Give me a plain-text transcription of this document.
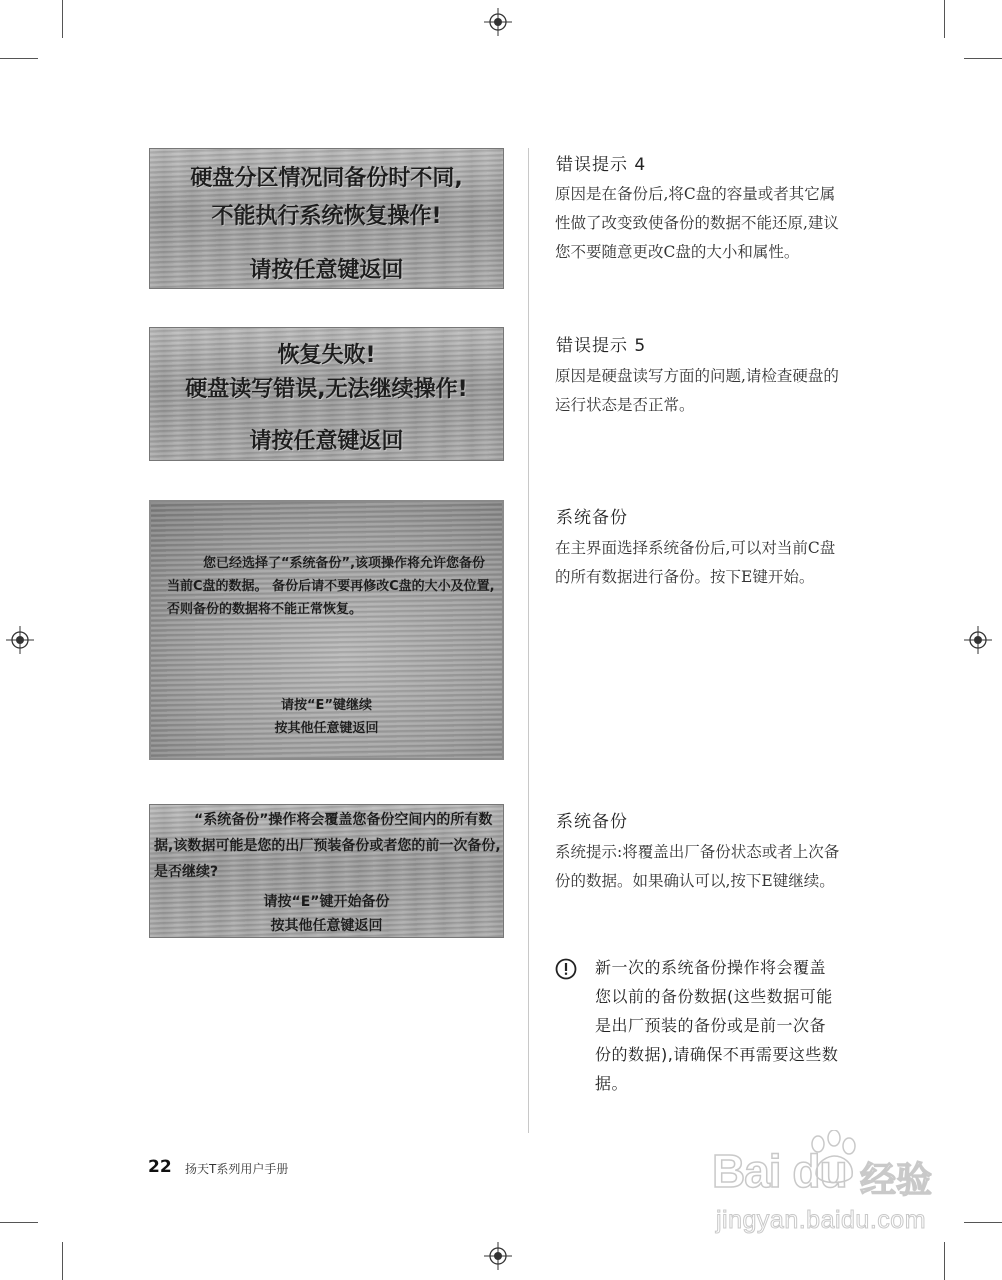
硬盘分区情况同备份时不同,
不能执行系统恢复操作!
请按任意键返回
恢复失败!
硬盘读写错误,无法继续操作!
请按任意键返回
您已经选择了“系统备份”,该项操作将允许您备份当前C盘的数据。 备份后请不要再修改C盘的大小及位置, 否则备份的数据将不能正常恢复。
请按“E”键继续
按其他任意键返回
“系统备份”操作将会覆盖您备份空间内的所有数据,该数据可能是您的出厂预装备份或者您的前一次备份,是否继续?
请按“E”键开始备份
按其他任意键返回
错误提示 4
原因是在备份后,将C盘的容量或者其它属性做了改变致使备份的数据不能还原,建议您不要随意更改C盘的大小和属性。
错误提示 5
原因是硬盘读写方面的问题,请检查硬盘的运行状态是否正常。
系统备份
在主界面选择系统备份后,可以对当前C盘的所有数据进行备份。按下E键开始。
系统备份
系统提示:将覆盖出厂备份状态或者上次备份的数据。如果确认可以,按下E键继续。
新一次的系统备份操作将会覆盖您以前的备份数据(这些数据可能是出厂预装的备份或是前一次备份的数据),请确保不再需要这些数据。
22 扬天T系列用户手册	Bai du 经验
jingyan.baidu.com
